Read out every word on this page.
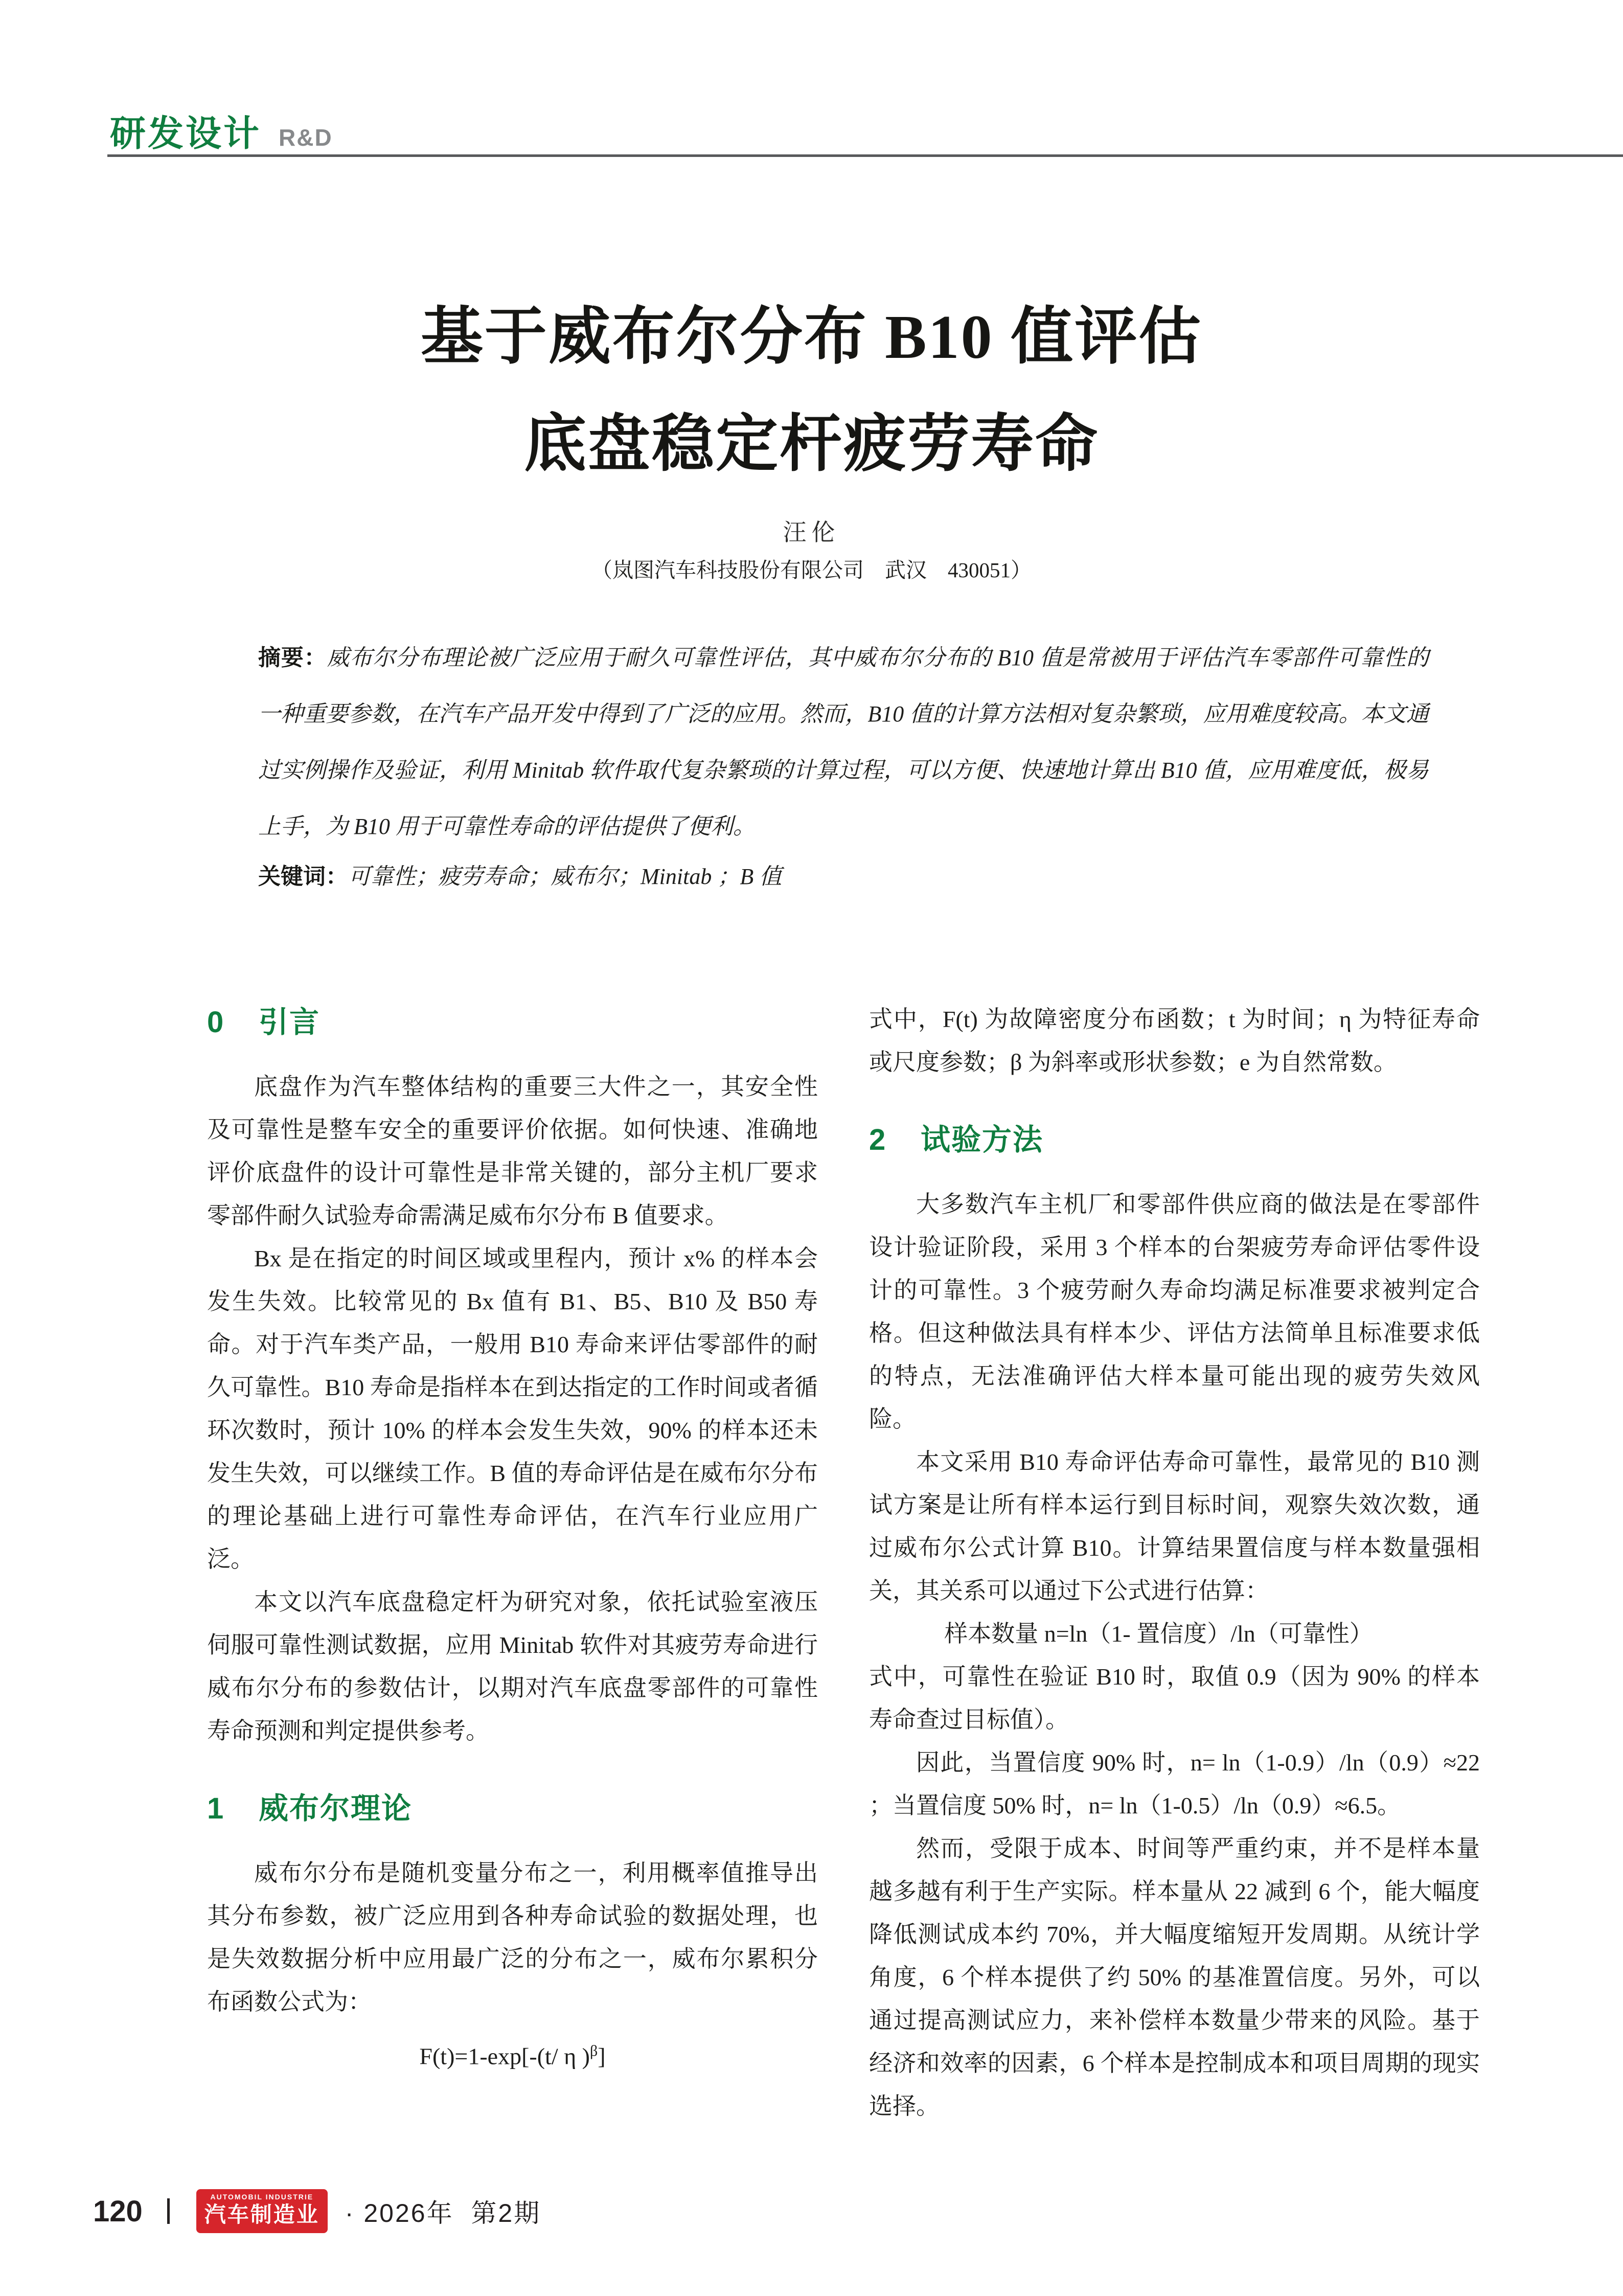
研发设计 R&D
基于威布尔分布 B10 值评估
底盘稳定杆疲劳寿命
汪伦
（岚图汽车科技股份有限公司　武汉　430051）
摘要：威布尔分布理论被广泛应用于耐久可靠性评估，其中威布尔分布的 B10 值是常被用于评估汽车零部件可靠性的一种重要参数，在汽车产品开发中得到了广泛的应用。然而，B10 值的计算方法相对复杂繁琐，应用难度较高。本文通过实例操作及验证，利用 Minitab 软件取代复杂繁琐的计算过程，可以方便、快速地计算出 B10 值，应用难度低，极易上手，为 B10 用于可靠性寿命的评估提供了便利。
关键词：可靠性；疲劳寿命；威布尔；Minitab ；B 值
0 引言

底盘作为汽车整体结构的重要三大件之一，其安全性及可靠性是整车安全的重要评价依据。如何快速、准确地评价底盘件的设计可靠性是非常关键的，部分主机厂要求零部件耐久试验寿命需满足威布尔分布 B 值要求。

Bx 是在指定的时间区域或里程内，预计 x% 的样本会发生失效。比较常见的 Bx 值有 B1、B5、B10 及 B50 寿命。对于汽车类产品，一般用 B10 寿命来评估零部件的耐久可靠性。B10 寿命是指样本在到达指定的工作时间或者循环次数时，预计 10% 的样本会发生失效，90% 的样本还未发生失效，可以继续工作。B 值的寿命评估是在威布尔分布的理论基础上进行可靠性寿命评估，在汽车行业应用广泛。

本文以汽车底盘稳定杆为研究对象，依托试验室液压伺服可靠性测试数据，应用 Minitab 软件对其疲劳寿命进行威布尔分布的参数估计，以期对汽车底盘零部件的可靠性寿命预测和判定提供参考。

1 威布尔理论

威布尔分布是随机变量分布之一，利用概率值推导出其分布参数，被广泛应用到各种寿命试验的数据处理，也是失效数据分析中应用最广泛的分布之一，威布尔累积分布函数公式为：

F(t)=1-exp[-(t/ η )$^\beta$]

式中，F(t) 为故障密度分布函数；t 为时间；η 为特征寿命或尺度参数；β 为斜率或形状参数；e 为自然常数。

2 试验方法

大多数汽车主机厂和零部件供应商的做法是在零部件设计验证阶段，采用 3 个样本的台架疲劳寿命评估零件设计的可靠性。3 个疲劳耐久寿命均满足标准要求被判定合格。但这种做法具有样本少、评估方法简单且标准要求低的特点，无法准确评估大样本量可能出现的疲劳失效风险。

本文采用 B10 寿命评估寿命可靠性，最常见的 B10 测试方案是让所有样本运行到目标时间，观察失效次数，通过威布尔公式计算 B10。计算结果置信度与样本数量强相关，其关系可以通过下公式进行估算：

样本数量 n=ln（1- 置信度）/ln（可靠性）

式中，可靠性在验证 B10 时，取值 0.9（因为 90% 的样本寿命查过目标值）。

因此，当置信度 90% 时，n= ln（1-0.9）/ln（0.9）≈22 ；当置信度 50% 时，n= ln（1-0.5）/ln（0.9）≈6.5。

然而，受限于成本、时间等严重约束，并不是样本量越多越有利于生产实际。样本量从 22 减到 6 个，能大幅度降低测试成本约 70%，并大幅度缩短开发周期。从统计学角度，6 个样本提供了约 50% 的基准置信度。另外，可以通过提高测试应力，来补偿样本数量少带来的风险。基于经济和效率的因素，6 个样本是控制成本和项目周期的现实选择。

120	AUTOMOBIL INDUSTRIE
汽车制造业 · 2026年  第2期
